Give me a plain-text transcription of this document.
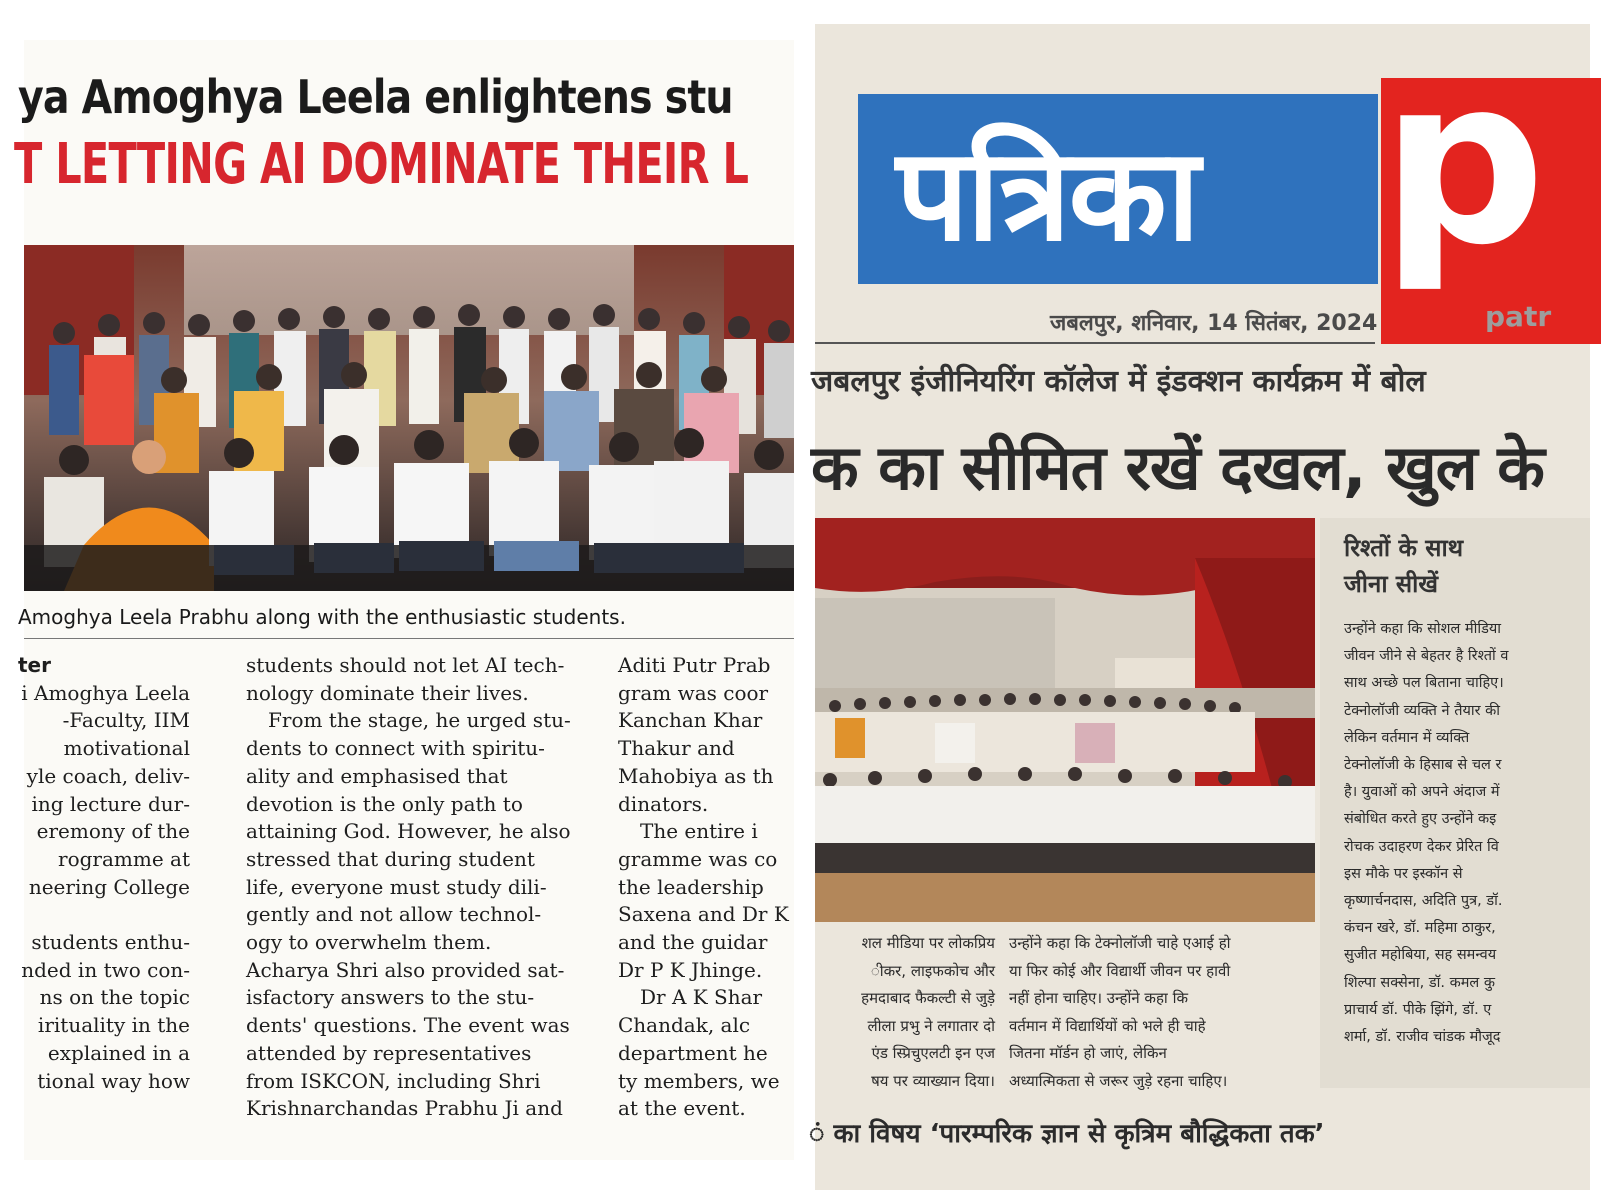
ya Amoghya Leela enlightens stu
T LETTING AI DOMINATE THEIR L
Amoghya Leela Prabhu along with the enthusiastic students.
ter
i Amoghya Leela
-Faculty, IIM
motivational
yle coach, deliv-
ing lecture dur-
eremony of the
rogramme at
neering College

students enthu-
nded in two con-
ns on the topic
irituality in the
explained in a
tional way how
students should not let AI tech-
nology dominate their lives.
From the stage, he urged stu-
dents to connect with spiritu-
ality and emphasised that
devotion is the only path to
attaining God. However, he also
stressed that during student
life, everyone must study dili-
gently and not allow technol-
ogy to overwhelm them.
Acharya Shri also provided sat-
isfactory answers to the stu-
dents' questions. The event was
attended by representatives
from ISKCON, including Shri
Krishnarchandas Prabhu Ji and
Aditi Putr Prab
gram was coor
Kanchan Khar
Thakur and
Mahobiya as th
dinators.
The entire i
gramme was co
the leadership
Saxena and Dr K
and the guidar
Dr P K Jhinge.
Dr A K Shar
Chandak, alc
department he
ty members, we
at the event.
पत्रिका p
patr
जबलपुर, शनिवार, 14 सितंबर, 2024
जबलपुर इंजीनियरिंग कॉलेज में इंडक्शन कार्यक्रम में बोल
क का सीमित रखें दखल, खुल के
रिश्तों के साथ
जीना सीखें
उन्होंने कहा कि सोशल मीडिया
जीवन जीने से बेहतर है रिश्तों व
साथ अच्छे पल बिताना चाहिए।
टेक्नोलॉजी व्यक्ति ने तैयार की
लेकिन वर्तमान में व्यक्ति
टेक्नोलॉजी के हिसाब से चल र
है। युवाओं को अपने अंदाज में
संबोधित करते हुए उन्होंने कइ
रोचक उदाहरण देकर प्रेरित वि
इस मौके पर इस्कॉन से
कृष्णार्चनदास, अदिति पुत्र, डॉ.
कंचन खरे, डॉ. महिमा ठाकुर,
सुजीत महोबिया, सह समन्वय
शिल्पा सक्सेना, डॉ. कमल कु
प्राचार्य डॉ. पीके झिंगे, डॉ. ए
शर्मा, डॉ. राजीव चांडक मौजूद
शल मीडिया पर लोकप्रिय
ीकर, लाइफकोच और
हमदाबाद फैकल्टी से जुड़े
लीला प्रभु ने लगातार दो
एंड स्प्रिचुएलटी इन एज
षय पर व्याख्यान दिया।
उन्होंने कहा कि टेक्नोलॉजी चाहे एआई हो
या फिर कोई और विद्यार्थी जीवन पर हावी
नहीं होना चाहिए। उन्होंने कहा कि
वर्तमान में विद्यार्थियों को भले ही चाहे
जितना मॉर्डन हो जाएं, लेकिन
अध्यात्मिकता से जरूर जुड़े रहना चाहिए।
ं का विषय ‘पारम्परिक ज्ञान से कृत्रिम बौद्धिकता तक’
